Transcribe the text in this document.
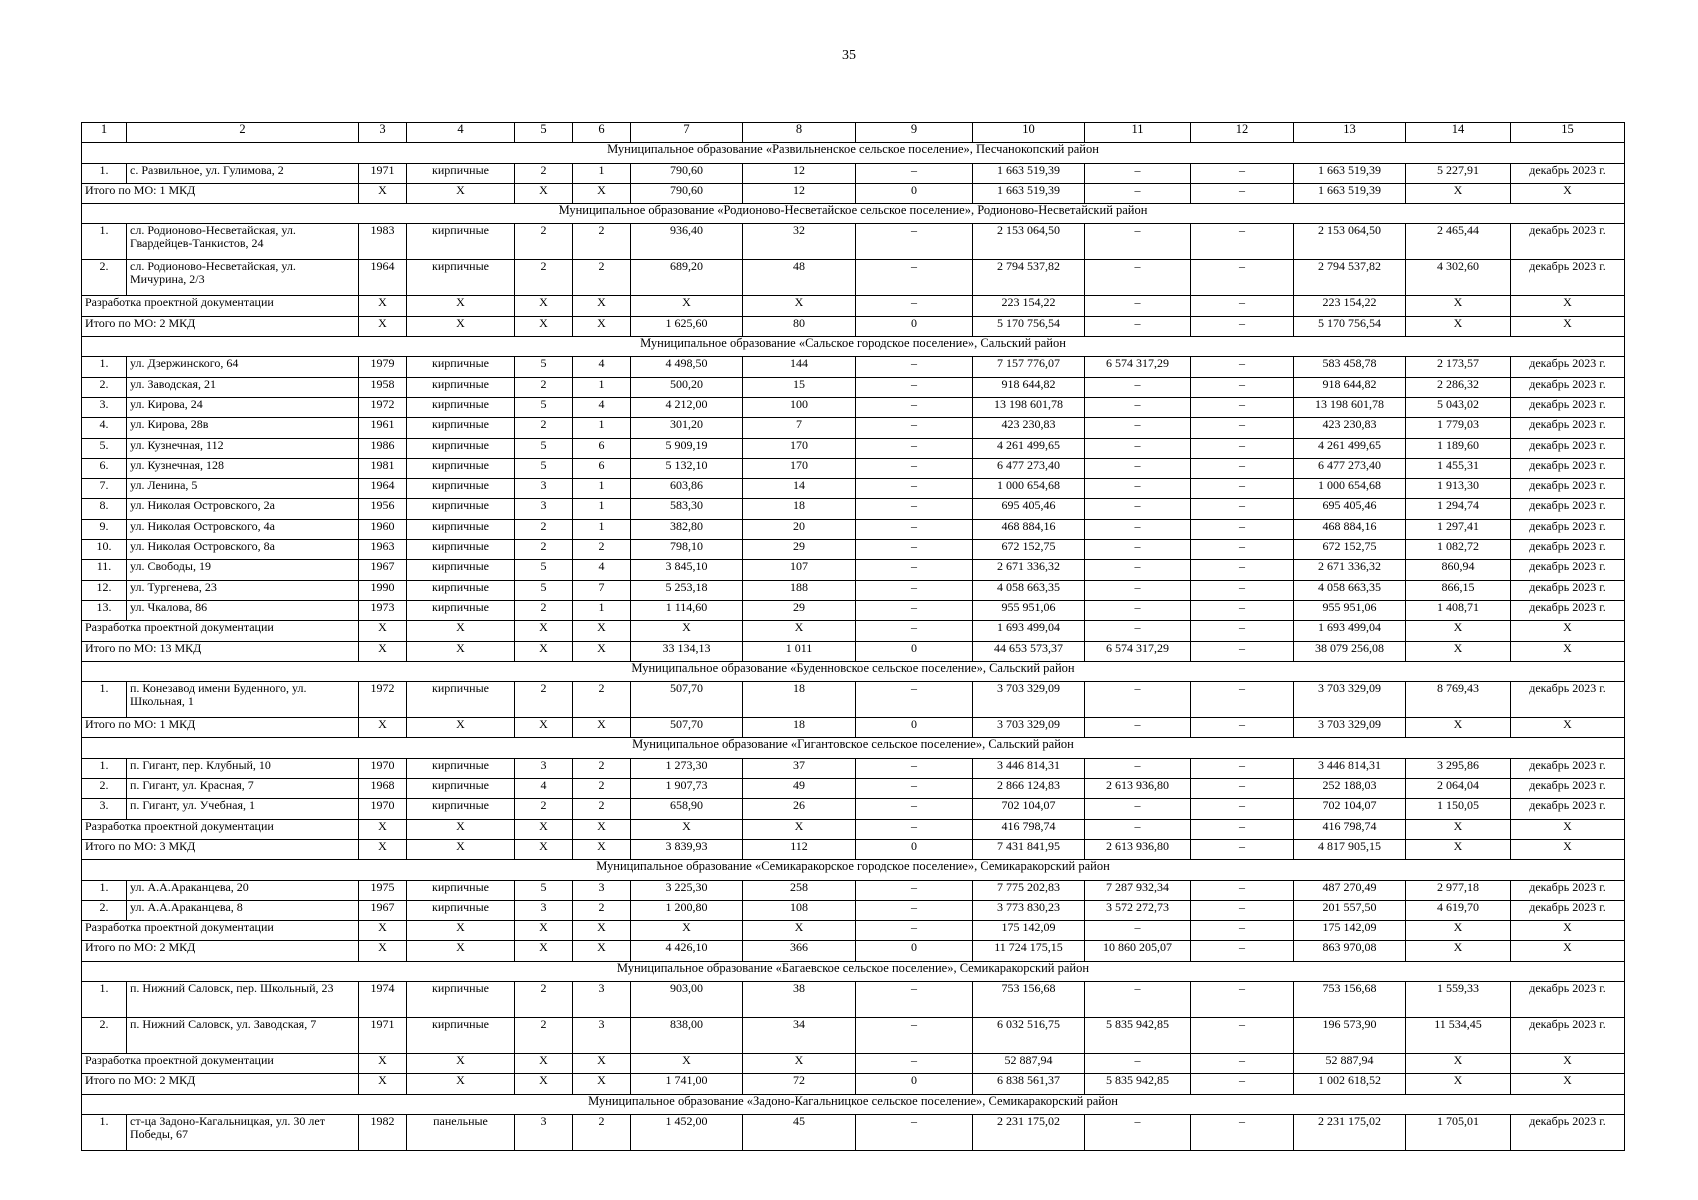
35
1	2	3	4	5	6	7	8	9	10	11	12	13	14	15
Муниципальное образование «Развильненское сельское поселение», Песчанокопский район														
1.	с. Развильное, ул. Гулимова, 2	1971	кирпичные	2	1	790,60	12	–	1 663 519,39	–	–	1 663 519,39	5 227,91	декабрь 2023 г.
Итого по МО: 1 МКД		X	X	X	X	790,60	12	0	1 663 519,39	–	–	1 663 519,39	X	X
Муниципальное образование «Родионово-Несветайское сельское поселение», Родионово-Несветайский район														
1.	сл. Родионово-Несветайская, ул. Гвардейцев-Танкистов, 24	1983	кирпичные	2	2	936,40	32	–	2 153 064,50	–	–	2 153 064,50	2 465,44	декабрь 2023 г.
2.	сл. Родионово-Несветайская, ул. Мичурина, 2/3	1964	кирпичные	2	2	689,20	48	–	2 794 537,82	–	–	2 794 537,82	4 302,60	декабрь 2023 г.
Разработка проектной документации		X	X	X	X	X	X	–	223 154,22	–	–	223 154,22	X	X
Итого по МО: 2 МКД		X	X	X	X	1 625,60	80	0	5 170 756,54	–	–	5 170 756,54	X	X
Муниципальное образование «Сальское городское поселение», Сальский район														
1.	ул. Дзержинского, 64	1979	кирпичные	5	4	4 498,50	144	–	7 157 776,07	6 574 317,29	–	583 458,78	2 173,57	декабрь 2023 г.
2.	ул. Заводская, 21	1958	кирпичные	2	1	500,20	15	–	918 644,82	–	–	918 644,82	2 286,32	декабрь 2023 г.
3.	ул. Кирова, 24	1972	кирпичные	5	4	4 212,00	100	–	13 198 601,78	–	–	13 198 601,78	5 043,02	декабрь 2023 г.
4.	ул. Кирова, 28в	1961	кирпичные	2	1	301,20	7	–	423 230,83	–	–	423 230,83	1 779,03	декабрь 2023 г.
5.	ул. Кузнечная, 112	1986	кирпичные	5	6	5 909,19	170	–	4 261 499,65	–	–	4 261 499,65	1 189,60	декабрь 2023 г.
6.	ул. Кузнечная, 128	1981	кирпичные	5	6	5 132,10	170	–	6 477 273,40	–	–	6 477 273,40	1 455,31	декабрь 2023 г.
7.	ул. Ленина, 5	1964	кирпичные	3	1	603,86	14	–	1 000 654,68	–	–	1 000 654,68	1 913,30	декабрь 2023 г.
8.	ул. Николая Островского, 2а	1956	кирпичные	3	1	583,30	18	–	695 405,46	–	–	695 405,46	1 294,74	декабрь 2023 г.
9.	ул. Николая Островского, 4а	1960	кирпичные	2	1	382,80	20	–	468 884,16	–	–	468 884,16	1 297,41	декабрь 2023 г.
10.	ул. Николая Островского, 8а	1963	кирпичные	2	2	798,10	29	–	672 152,75	–	–	672 152,75	1 082,72	декабрь 2023 г.
11.	ул. Свободы, 19	1967	кирпичные	5	4	3 845,10	107	–	2 671 336,32	–	–	2 671 336,32	860,94	декабрь 2023 г.
12.	ул. Тургенева, 23	1990	кирпичные	5	7	5 253,18	188	–	4 058 663,35	–	–	4 058 663,35	866,15	декабрь 2023 г.
13.	ул. Чкалова, 86	1973	кирпичные	2	1	1 114,60	29	–	955 951,06	–	–	955 951,06	1 408,71	декабрь 2023 г.
Разработка проектной документации		X	X	X	X	X	X	–	1 693 499,04	–	–	1 693 499,04	X	X
Итого по МО: 13 МКД		X	X	X	X	33 134,13	1 011	0	44 653 573,37	6 574 317,29	–	38 079 256,08	X	X
Муниципальное образование «Буденновское сельское поселение», Сальский район														
1.	п. Конезавод имени Буденного, ул. Школьная, 1	1972	кирпичные	2	2	507,70	18	–	3 703 329,09	–	–	3 703 329,09	8 769,43	декабрь 2023 г.
Итого по МО: 1 МКД		X	X	X	X	507,70	18	0	3 703 329,09	–	–	3 703 329,09	X	X
Муниципальное образование «Гигантовское сельское поселение», Сальский район														
1.	п. Гигант, пер. Клубный, 10	1970	кирпичные	3	2	1 273,30	37	–	3 446 814,31	–	–	3 446 814,31	3 295,86	декабрь 2023 г.
2.	п. Гигант, ул. Красная, 7	1968	кирпичные	4	2	1 907,73	49	–	2 866 124,83	2 613 936,80	–	252 188,03	2 064,04	декабрь 2023 г.
3.	п. Гигант, ул. Учебная, 1	1970	кирпичные	2	2	658,90	26	–	702 104,07	–	–	702 104,07	1 150,05	декабрь 2023 г.
Разработка проектной документации		X	X	X	X	X	X	–	416 798,74	–	–	416 798,74	X	X
Итого по МО: 3 МКД		X	X	X	X	3 839,93	112	0	7 431 841,95	2 613 936,80	–	4 817 905,15	X	X
Муниципальное образование «Семикаракорское городское поселение», Семикаракорский район														
1.	ул. А.А.Араканцева, 20	1975	кирпичные	5	3	3 225,30	258	–	7 775 202,83	7 287 932,34	–	487 270,49	2 977,18	декабрь 2023 г.
2.	ул. А.А.Араканцева, 8	1967	кирпичные	3	2	1 200,80	108	–	3 773 830,23	3 572 272,73	–	201 557,50	4 619,70	декабрь 2023 г.
Разработка проектной документации		X	X	X	X	X	X	–	175 142,09	–	–	175 142,09	X	X
Итого по МО: 2 МКД		X	X	X	X	4 426,10	366	0	11 724 175,15	10 860 205,07	–	863 970,08	X	X
Муниципальное образование «Багаевское сельское поселение», Семикаракорский район														
1.	п. Нижний Саловск, пер. Школьный, 23	1974	кирпичные	2	3	903,00	38	–	753 156,68	–	–	753 156,68	1 559,33	декабрь 2023 г.
2.	п. Нижний Саловск, ул. Заводская, 7	1971	кирпичные	2	3	838,00	34	–	6 032 516,75	5 835 942,85	–	196 573,90	11 534,45	декабрь 2023 г.
Разработка проектной документации		X	X	X	X	X	X	–	52 887,94	–	–	52 887,94	X	X
Итого по МО: 2 МКД		X	X	X	X	1 741,00	72	0	6 838 561,37	5 835 942,85	–	1 002 618,52	X	X
Муниципальное образование «Задоно-Кагальницкое сельское поселение», Семикаракорский район														
1.	ст-ца Задоно-Кагальницкая, ул. 30 лет Победы, 67	1982	панельные	3	2	1 452,00	45	–	2 231 175,02	–	–	2 231 175,02	1 705,01	декабрь 2023 г.
